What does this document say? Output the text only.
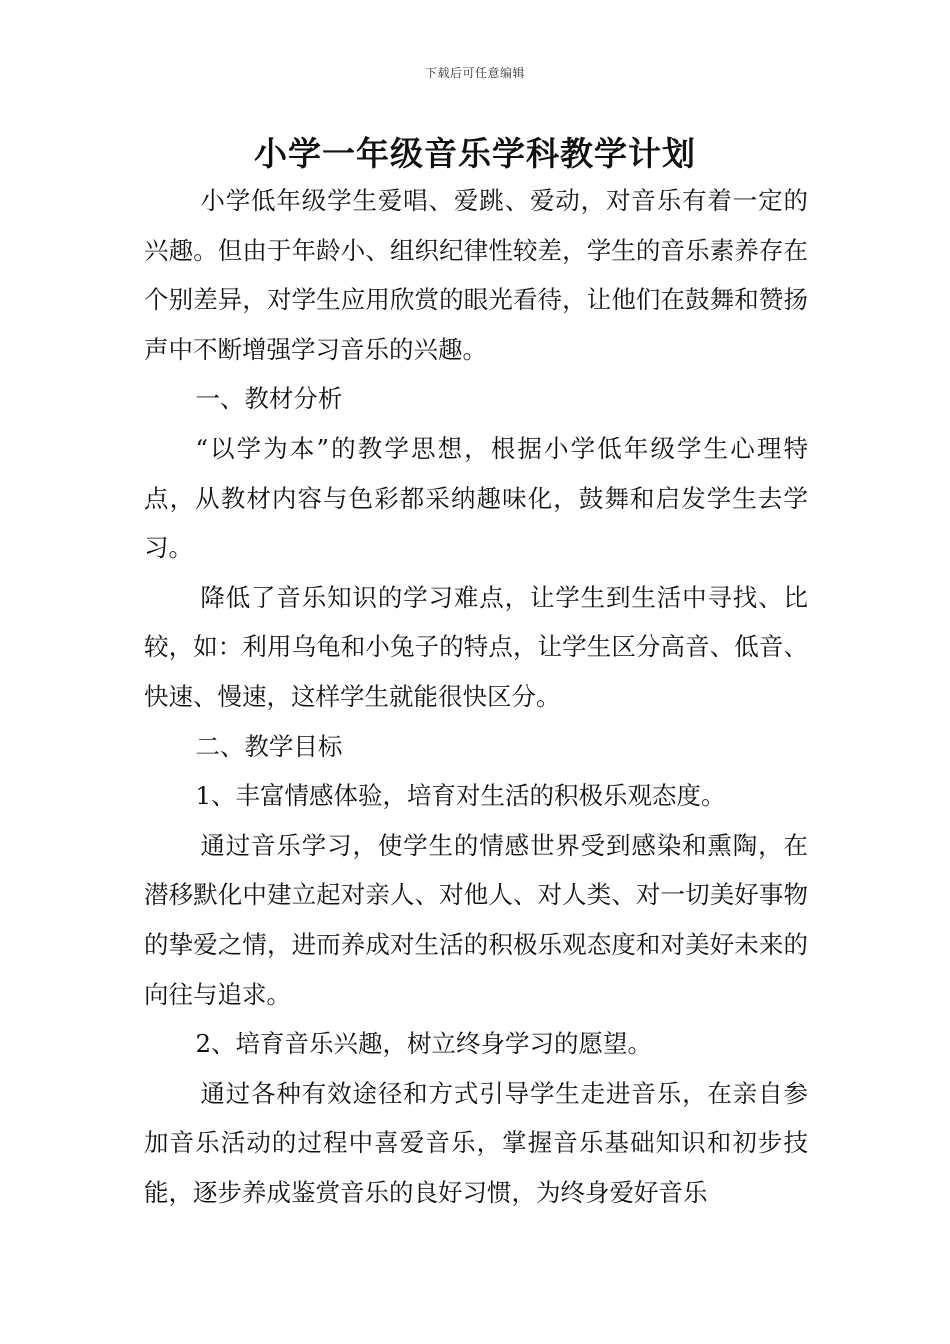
下载后可任意编辑
小学一年级音乐学科教学计划

小学低年级学生爱唱、爱跳、爱动，对音乐有着一定的兴趣。但由于年龄小、组织纪律性较差，学生的音乐素养存在个别差异，对学生应用欣赏的眼光看待，让他们在鼓舞和赞扬声中不断增强学习音乐的兴趣。

一、教材分析

“以学为本”的教学思想，根据小学低年级学生心理特点，从教材内容与色彩都采纳趣味化，鼓舞和启发学生去学习。

降低了音乐知识的学习难点，让学生到生活中寻找、比较，如：利用乌龟和小兔子的特点，让学生区分高音、低音、快速、慢速，这样学生就能很快区分。

二、教学目标

1、丰富情感体验，培育对生活的积极乐观态度。

通过音乐学习，使学生的情感世界受到感染和熏陶，在潜移默化中建立起对亲人、对他人、对人类、对一切美好事物的挚爱之情，进而养成对生活的积极乐观态度和对美好未来的向往与追求。

2、培育音乐兴趣，树立终身学习的愿望。

通过各种有效途径和方式引导学生走进音乐，在亲自参加音乐活动的过程中喜爱音乐，掌握音乐基础知识和初步技能，逐步养成鉴赏音乐的良好习惯，为终身爱好音乐
